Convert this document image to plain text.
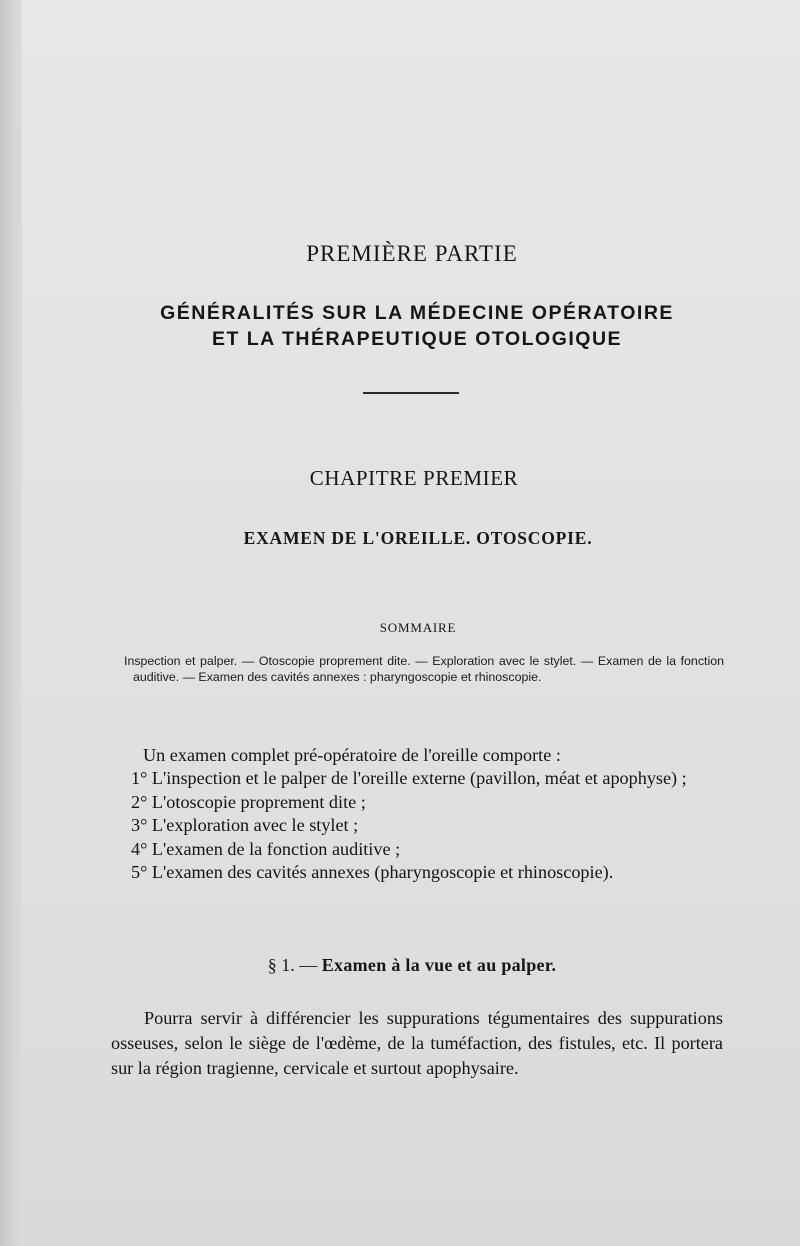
PREMIÈRE PARTIE
GÉNÉRALITÉS SUR LA MÉDECINE OPÉRATOIRE
ET LA THÉRAPEUTIQUE OTOLOGIQUE
CHAPITRE PREMIER
EXAMEN DE L'OREILLE. OTOSCOPIE.
SOMMAIRE
Inspection et palper. — Otoscopie proprement dite. — Exploration avec le stylet. — Examen de la fonction auditive. — Examen des cavités annexes : pharyngoscopie et rhinoscopie.
Un examen complet pré-opératoire de l'oreille comporte :
1° L'inspection et le palper de l'oreille externe (pavillon, méat et apophyse) ;
2° L'otoscopie proprement dite ;
3° L'exploration avec le stylet ;
4° L'examen de la fonction auditive ;
5° L'examen des cavités annexes (pharyngoscopie et rhinoscopie).
§ 1. — Examen à la vue et au palper.
Pourra servir à différencier les suppurations tégumentaires des suppurations osseuses, selon le siège de l'œdème, de la tuméfaction, des fistules, etc. Il portera sur la région tragienne, cervicale et surtout apophysaire.
